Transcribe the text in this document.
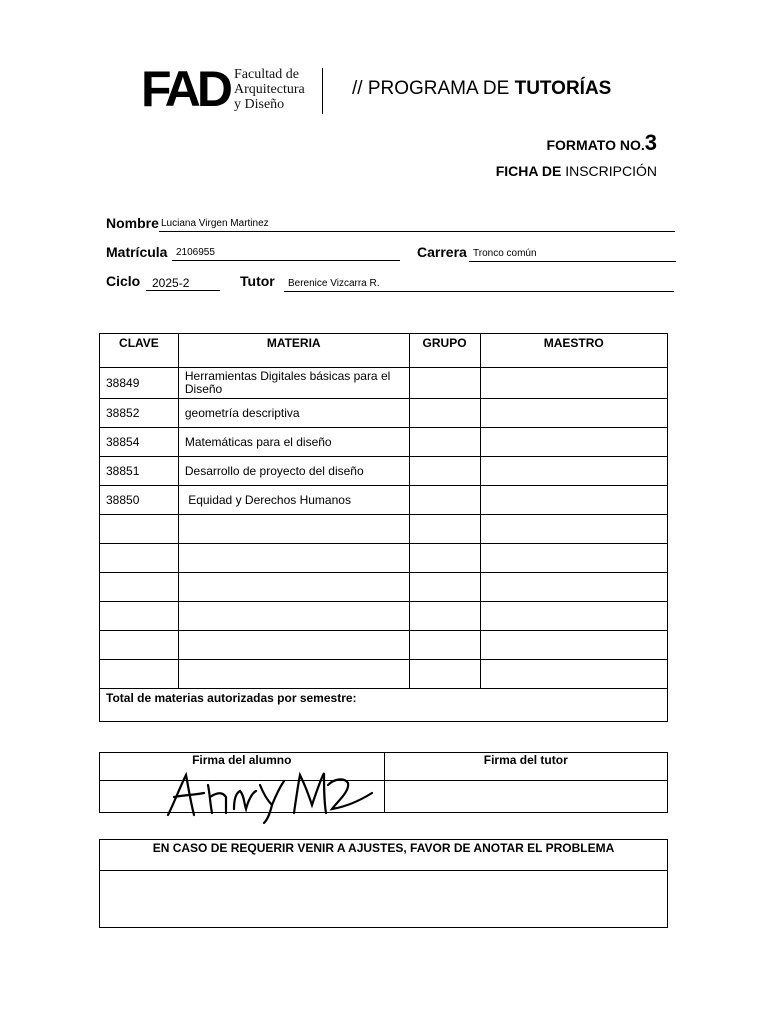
FAD Facultad de
Arquitectura
y Diseño
// PROGRAMA DE TUTORÍAS
FORMATO NO.3
FICHA DE INSCRIPCIÓN
Nombre Luciana Virgen Martinez
Matrícula 2106955	Carrera Tronco común
Ciclo 2025-2	Tutor	Berenice Vizcarra R.
CLAVE	MATERIA	GRUPO	MAESTRO
38849	Herramientas Digitales básicas para el Diseño		
38852	geometría descriptiva		
38854	Matemáticas para el diseño		
38851	Desarrollo de proyecto del diseño		
38850	Equidad y Derechos Humanos		

Total de materias autorizadas por semestre:			
Firma del alumno	Firma del tutor

EN CASO DE REQUERIR VENIR A AJUSTES, FAVOR DE ANOTAR EL PROBLEMA
